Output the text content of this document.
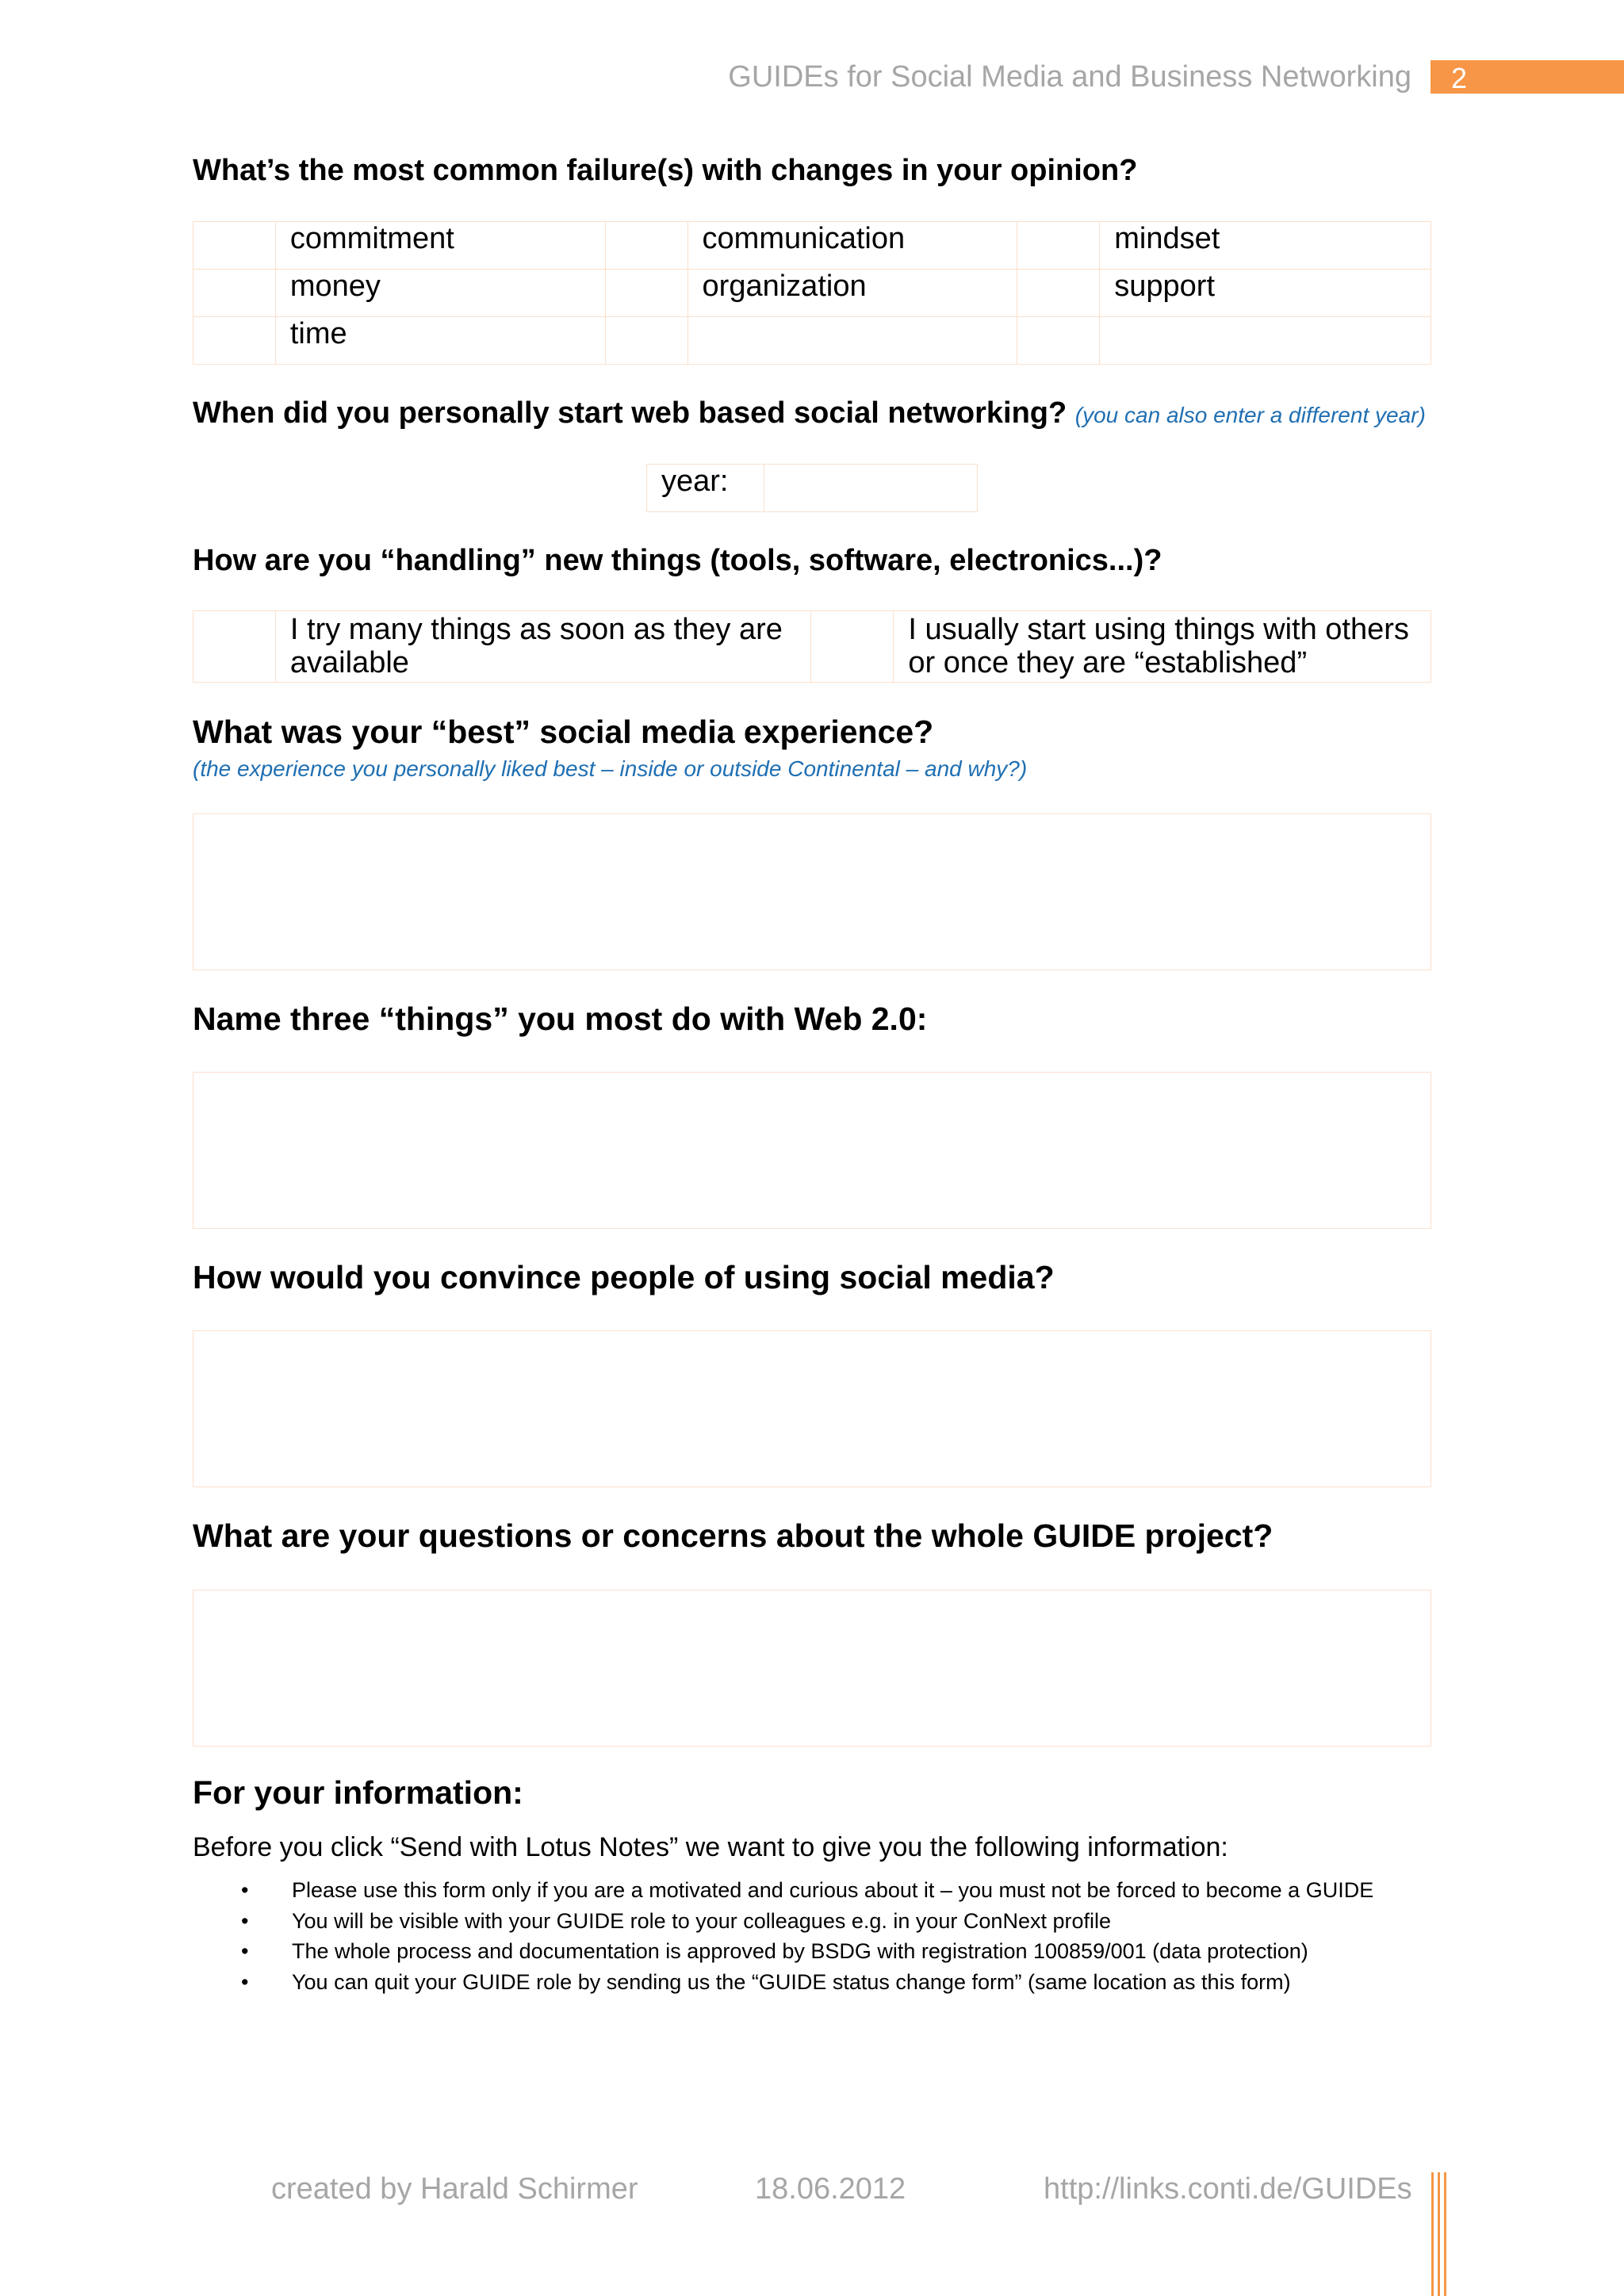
GUIDEs for Social Media and Business Networking 2
What’s the most common failure(s) with changes in your opinion?
	commitment		communication		mindset
	money		organization		support
	time				
When did you personally start web based social networking? (you can also enter a different year)
year:	
How are you “handling” new things (tools, software, electronics...)?
	I try many things as soon as they are available		I usually start using things with others or once they are “established”
What was your “best” social media experience?
(the experience you personally liked best – inside or outside Continental – and why?)
Name three “things” you most do with Web 2.0:
How would you convince people of using social media?
What are your questions or concerns about the whole GUIDE project?
For your information:
Before you click “Send with Lotus Notes” we want to give you the following information:
• Please use this form only if you are a motivated and curious about it – you must not be forced to become a GUIDE
• You will be visible with your GUIDE role to your colleagues e.g. in your ConNext profile
• The whole process and documentation is approved by BSDG with registration 100859/001 (data protection)
• You can quit your GUIDE role by sending us the “GUIDE status change form” (same location as this form)
created by Harald Schirmer	18.06.2012	http://links.conti.de/GUIDEs
